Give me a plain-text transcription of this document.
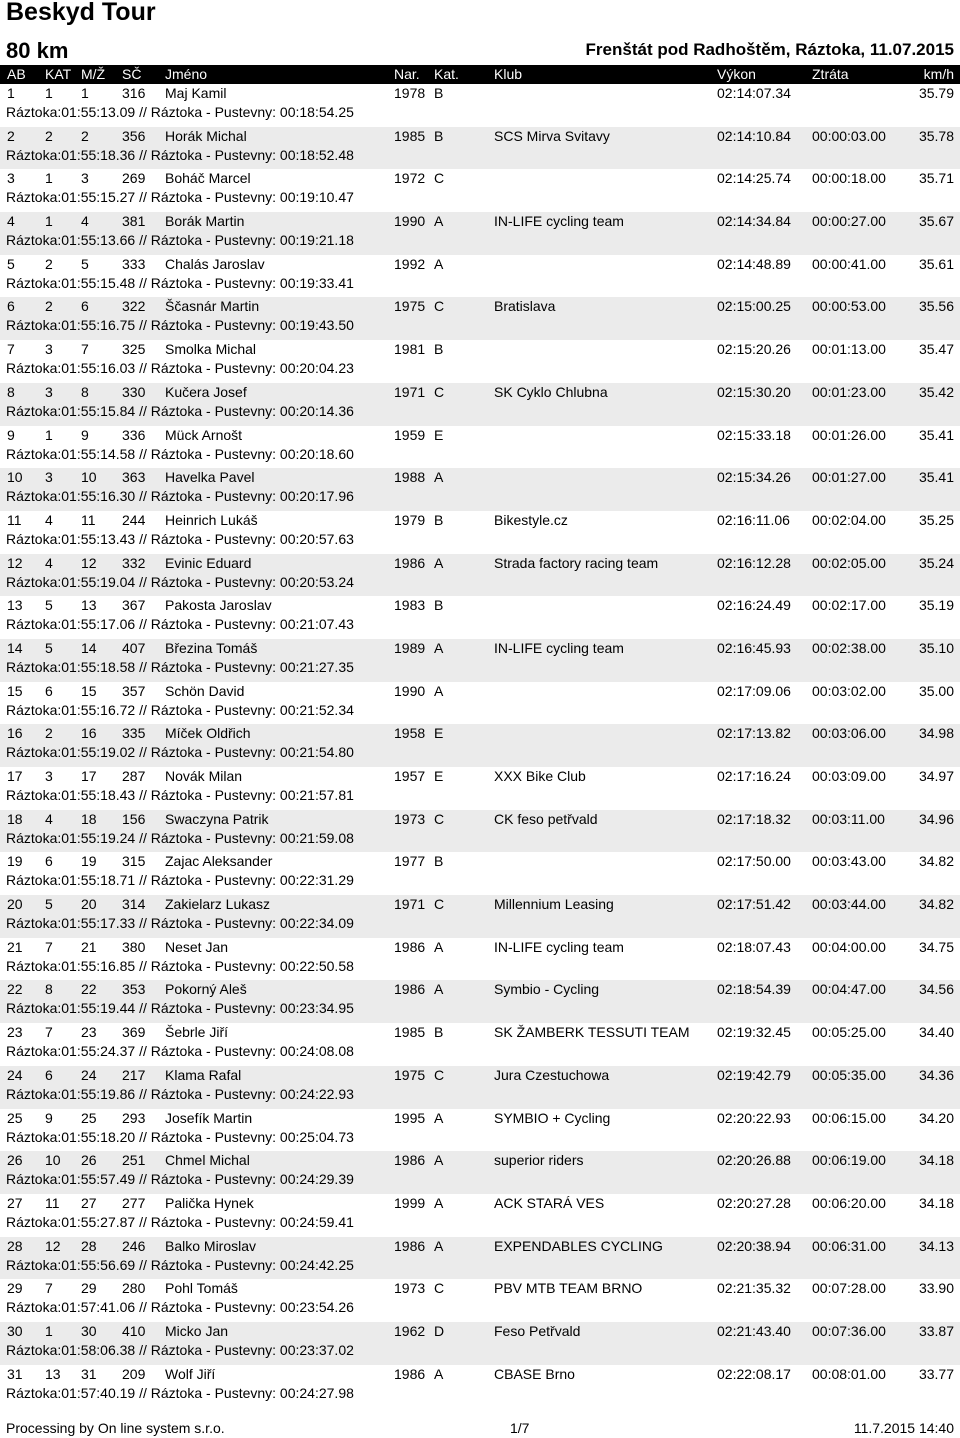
Beskyd Tour
80 km	Frenštát pod Radhoštěm, Ráztoka, 11.07.2015
AB KAT M/Ž SČ Jméno	Nar. Kat.	Klub	Výkon	Ztráta	km/h
1 1 1 316 Maj Kamil	1978 B	02:14:07.34	35.79
Ráztoka:01:55:13.09 // Ráztoka - Pustevny: 00:18:54.25
2 2 2 356 Horák Michal	1985 B	SCS Mirva Svitavy	02:14:10.84 00:00:03.00 35.78
Ráztoka:01:55:18.36 // Ráztoka - Pustevny: 00:18:52.48
3 1 3 269 Boháč Marcel	1972 C	02:14:25.74 00:00:18.00 35.71
Ráztoka:01:55:15.27 // Ráztoka - Pustevny: 00:19:10.47
4 1 4 381 Borák Martin	1990 A	IN-LIFE cycling team	02:14:34.84 00:00:27.00 35.67
Ráztoka:01:55:13.66 // Ráztoka - Pustevny: 00:19:21.18
5 2 5 333 Chalás Jaroslav	1992 A	02:14:48.89 00:00:41.00 35.61
Ráztoka:01:55:15.48 // Ráztoka - Pustevny: 00:19:33.41
6 2 6 322 Ščasnár Martin	1975 C	Bratislava	02:15:00.25 00:00:53.00 35.56
Ráztoka:01:55:16.75 // Ráztoka - Pustevny: 00:19:43.50
7 3 7 325 Smolka Michal	1981 B	02:15:20.26 00:01:13.00 35.47
Ráztoka:01:55:16.03 // Ráztoka - Pustevny: 00:20:04.23
8 3 8 330 Kučera Josef	1971 C	SK Cyklo Chlubna	02:15:30.20 00:01:23.00 35.42
Ráztoka:01:55:15.84 // Ráztoka - Pustevny: 00:20:14.36
9 1 9 336 Mück Arnošt	1959 E	02:15:33.18 00:01:26.00 35.41
Ráztoka:01:55:14.58 // Ráztoka - Pustevny: 00:20:18.60
10 3 10 363 Havelka Pavel	1988 A	02:15:34.26 00:01:27.00 35.41
Ráztoka:01:55:16.30 // Ráztoka - Pustevny: 00:20:17.96
11 4 11 244 Heinrich Lukáš	1979 B	Bikestyle.cz	02:16:11.06 00:02:04.00 35.25
Ráztoka:01:55:13.43 // Ráztoka - Pustevny: 00:20:57.63
12 4 12 332 Evinic Eduard	1986 A	Strada factory racing team	02:16:12.28 00:02:05.00 35.24
Ráztoka:01:55:19.04 // Ráztoka - Pustevny: 00:20:53.24
13 5 13 367 Pakosta Jaroslav	1983 B	02:16:24.49 00:02:17.00 35.19
Ráztoka:01:55:17.06 // Ráztoka - Pustevny: 00:21:07.43
14 5 14 407 Březina Tomáš	1989 A	IN-LIFE cycling team	02:16:45.93 00:02:38.00 35.10
Ráztoka:01:55:18.58 // Ráztoka - Pustevny: 00:21:27.35
15 6 15 357 Schön David	1990 A	02:17:09.06 00:03:02.00 35.00
Ráztoka:01:55:16.72 // Ráztoka - Pustevny: 00:21:52.34
16 2 16 335 Míček Oldřich	1958 E	02:17:13.82 00:03:06.00 34.98
Ráztoka:01:55:19.02 // Ráztoka - Pustevny: 00:21:54.80
17 3 17 287 Novák Milan	1957 E	XXX Bike Club	02:17:16.24 00:03:09.00 34.97
Ráztoka:01:55:18.43 // Ráztoka - Pustevny: 00:21:57.81
18 4 18 156 Swaczyna Patrik	1973 C	CK feso petřvald	02:17:18.32 00:03:11.00 34.96
Ráztoka:01:55:19.24 // Ráztoka - Pustevny: 00:21:59.08
19 6 19 315 Zajac Aleksander	1977 B	02:17:50.00 00:03:43.00 34.82
Ráztoka:01:55:18.71 // Ráztoka - Pustevny: 00:22:31.29
20 5 20 314 Zakielarz Lukasz	1971 C	Millennium Leasing	02:17:51.42 00:03:44.00 34.82
Ráztoka:01:55:17.33 // Ráztoka - Pustevny: 00:22:34.09
21 7 21 380 Neset Jan	1986 A	IN-LIFE cycling team	02:18:07.43 00:04:00.00 34.75
Ráztoka:01:55:16.85 // Ráztoka - Pustevny: 00:22:50.58
22 8 22 353 Pokorný Aleš	1986 A	Symbio - Cycling	02:18:54.39 00:04:47.00 34.56
Ráztoka:01:55:19.44 // Ráztoka - Pustevny: 00:23:34.95
23 7 23 369 Šebrle Jiří	1985 B	SK ŽAMBERK TESSUTI TEAM 02:19:32.45 00:05:25.00 34.40
Ráztoka:01:55:24.37 // Ráztoka - Pustevny: 00:24:08.08
24 6 24 217 Klama Rafal	1975 C	Jura Czestuchowa	02:19:42.79 00:05:35.00 34.36
Ráztoka:01:55:19.86 // Ráztoka - Pustevny: 00:24:22.93
25 9 25 293 Josefík Martin	1995 A	SYMBIO + Cycling	02:20:22.93 00:06:15.00 34.20
Ráztoka:01:55:18.20 // Ráztoka - Pustevny: 00:25:04.73
26 10 26 251 Chmel Michal	1986 A	superior riders	02:20:26.88 00:06:19.00 34.18
Ráztoka:01:55:57.49 // Ráztoka - Pustevny: 00:24:29.39
27 11 27 277 Palička Hynek	1999 A	ACK STARÁ VES	02:20:27.28 00:06:20.00 34.18
Ráztoka:01:55:27.87 // Ráztoka - Pustevny: 00:24:59.41
28 12 28 246 Balko Miroslav	1986 A	EXPENDABLES CYCLING	02:20:38.94 00:06:31.00 34.13
Ráztoka:01:55:56.69 // Ráztoka - Pustevny: 00:24:42.25
29 7 29 280 Pohl Tomáš	1973 C	PBV MTB TEAM BRNO	02:21:35.32 00:07:28.00 33.90
Ráztoka:01:57:41.06 // Ráztoka - Pustevny: 00:23:54.26
30 1 30 410 Micko Jan	1962 D	Feso Petřvald	02:21:43.40 00:07:36.00 33.87
Ráztoka:01:58:06.38 // Ráztoka - Pustevny: 00:23:37.02
31 13 31 209 Wolf Jiří	1986 A	CBASE Brno	02:22:08.17 00:08:01.00 33.77
Ráztoka:01:57:40.19 // Ráztoka - Pustevny: 00:24:27.98
Processing by On line system s.r.o.	1/7	11.7.2015 14:40
